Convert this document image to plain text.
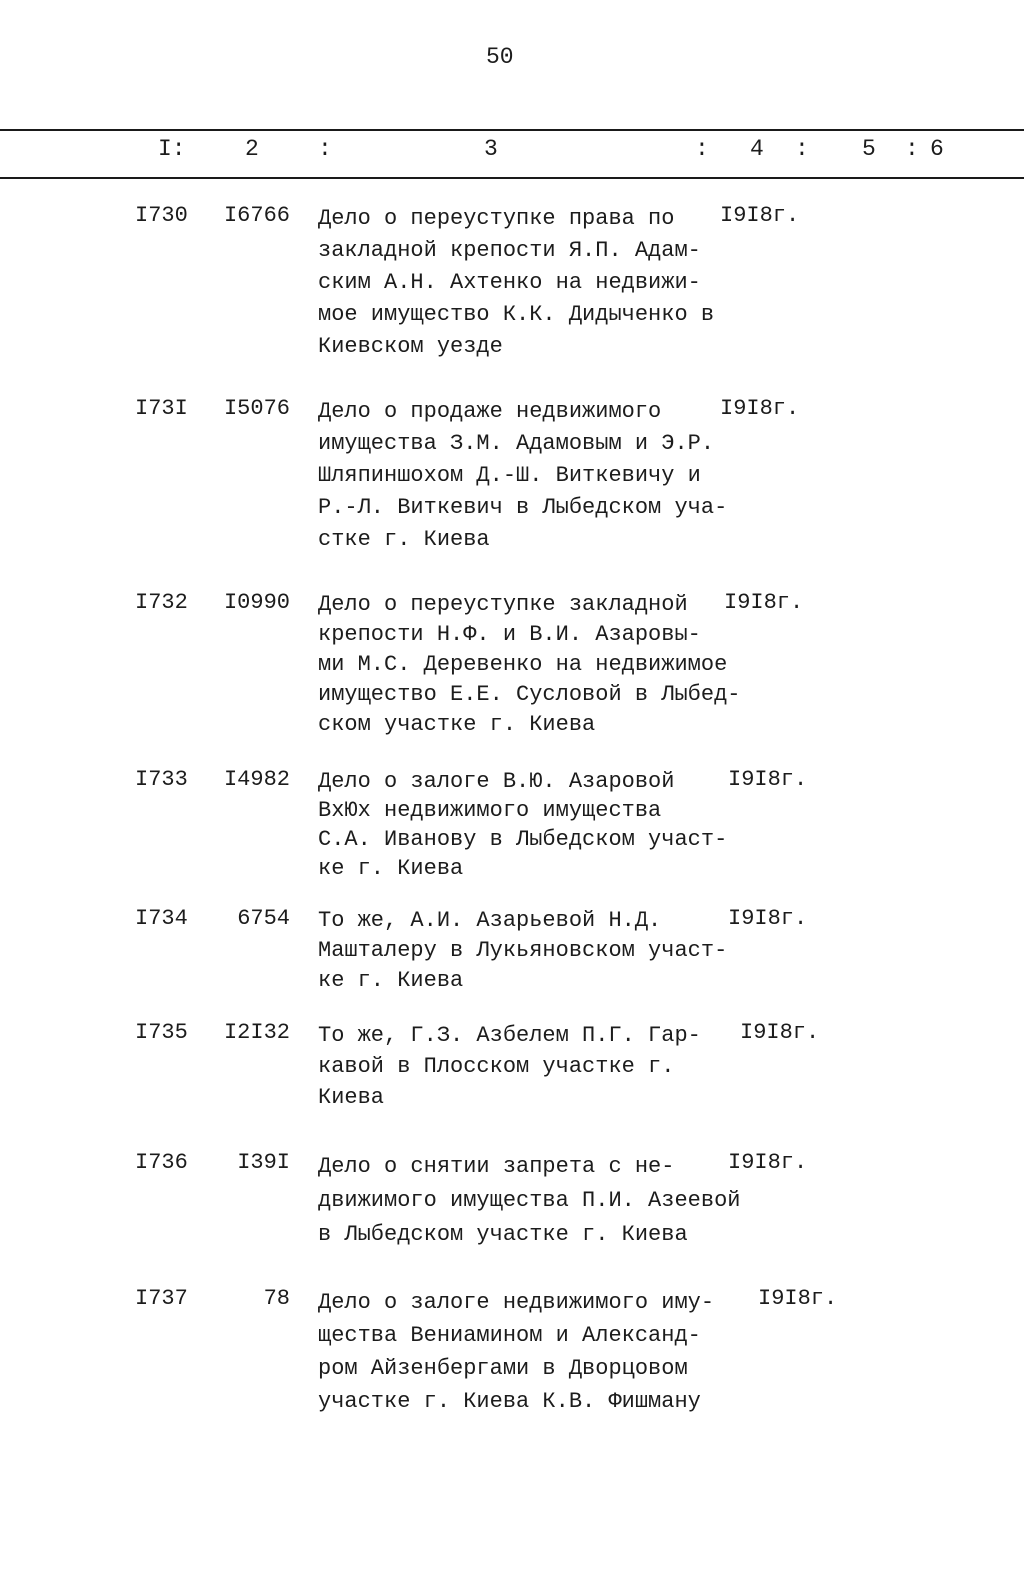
50
I:	2	:	3	: 4 : 5 : 6
I730 I6766 Дело о переуступке права по
закладной крепости Я.П. Адам-
ским А.Н. Ахтенко на недвижи-
мое имущество К.К. Дидыченко в
Киевском уезде
I9I8г.
I73I I5076 Дело о продаже недвижимого
имущества З.М. Адамовым и Э.Р.
Шляпиншохом Д.-Ш. Виткевичу и
Р.-Л. Виткевич в Лыбедском уча-
стке г. Киева
I9I8г.
I732 I0990 Дело о переуступке закладной
крепости Н.Ф. и В.И. Азаровы-
ми М.С. Деревенко на недвижимое
имущество Е.Е. Сусловой в Лыбед-
ском участке г. Киева
I9I8г.
I733 I4982 Дело о залоге В.Ю. Азаровой
ВхЮх недвижимого имущества
С.А. Иванову в Лыбедском участ-
ке г. Киева
I9I8г.
I734	6754 То же, А.И. Азарьевой Н.Д.
Машталеру в Лукьяновском участ-
ке г. Киева
I9I8г.
I735 I2I32 То же, Г.З. Азбелем П.Г. Гар-
кавой в Плосском участке г.
Киева
I9I8г.
I736	I39I Дело о снятии запрета с не-
движимого имущества П.И. Азеевой
в Лыбедском участке г. Киева
I9I8г.
I737	78 Дело о залоге недвижимого иму-
щества Вениамином и Александ-
ром Айзенбергами в Дворцовом
участке г. Киева К.В. Фишману
I9I8г.
